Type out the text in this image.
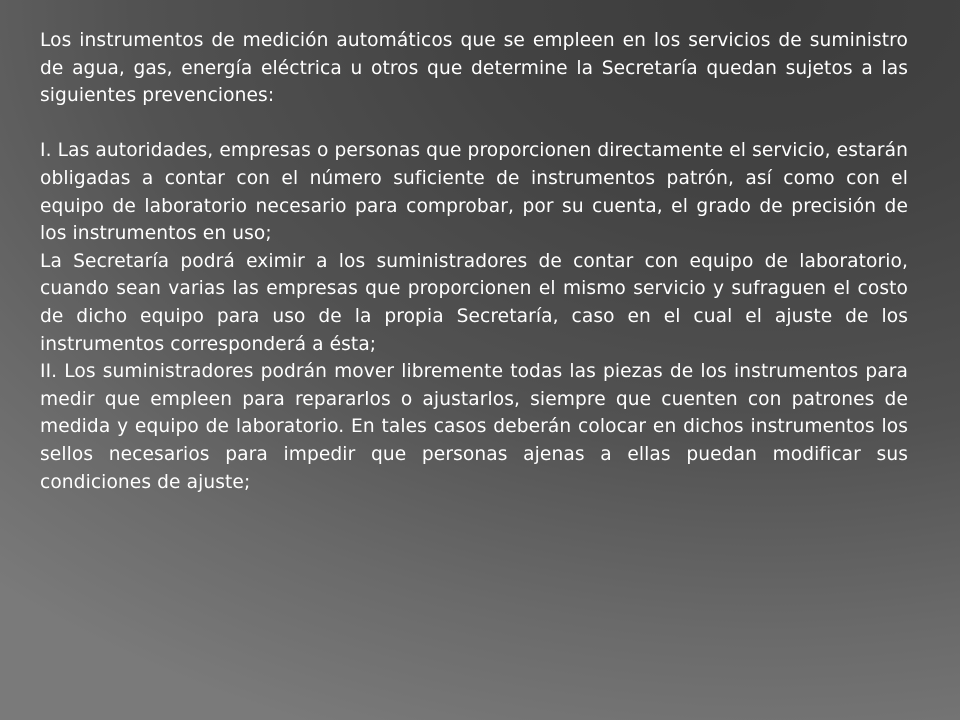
Los instrumentos de medición automáticos que se empleen en los servicios de suministro de agua, gas, energía eléctrica u otros que determine la Secretaría quedan sujetos a las siguientes prevenciones:

I. Las autoridades, empresas o personas que proporcionen directamente el servicio, estarán obligadas a contar con el número suficiente de instrumentos patrón, así como con el equipo de laboratorio necesario para comprobar, por su cuenta, el grado de precisión de los instrumentos en uso;

La Secretaría podrá eximir a los suministradores de contar con equipo de laboratorio, cuando sean varias las empresas que proporcionen el mismo servicio y sufraguen el costo de dicho equipo para uso de la propia Secretaría, caso en el cual el ajuste de los instrumentos corresponderá a ésta;

II. Los suministradores podrán mover libremente todas las piezas de los instrumentos para medir que empleen para repararlos o ajustarlos, siempre que cuenten con patrones de medida y equipo de laboratorio. En tales casos deberán colocar en dichos instrumentos los sellos necesarios para impedir que personas ajenas a ellas puedan modificar sus condiciones de ajuste;
